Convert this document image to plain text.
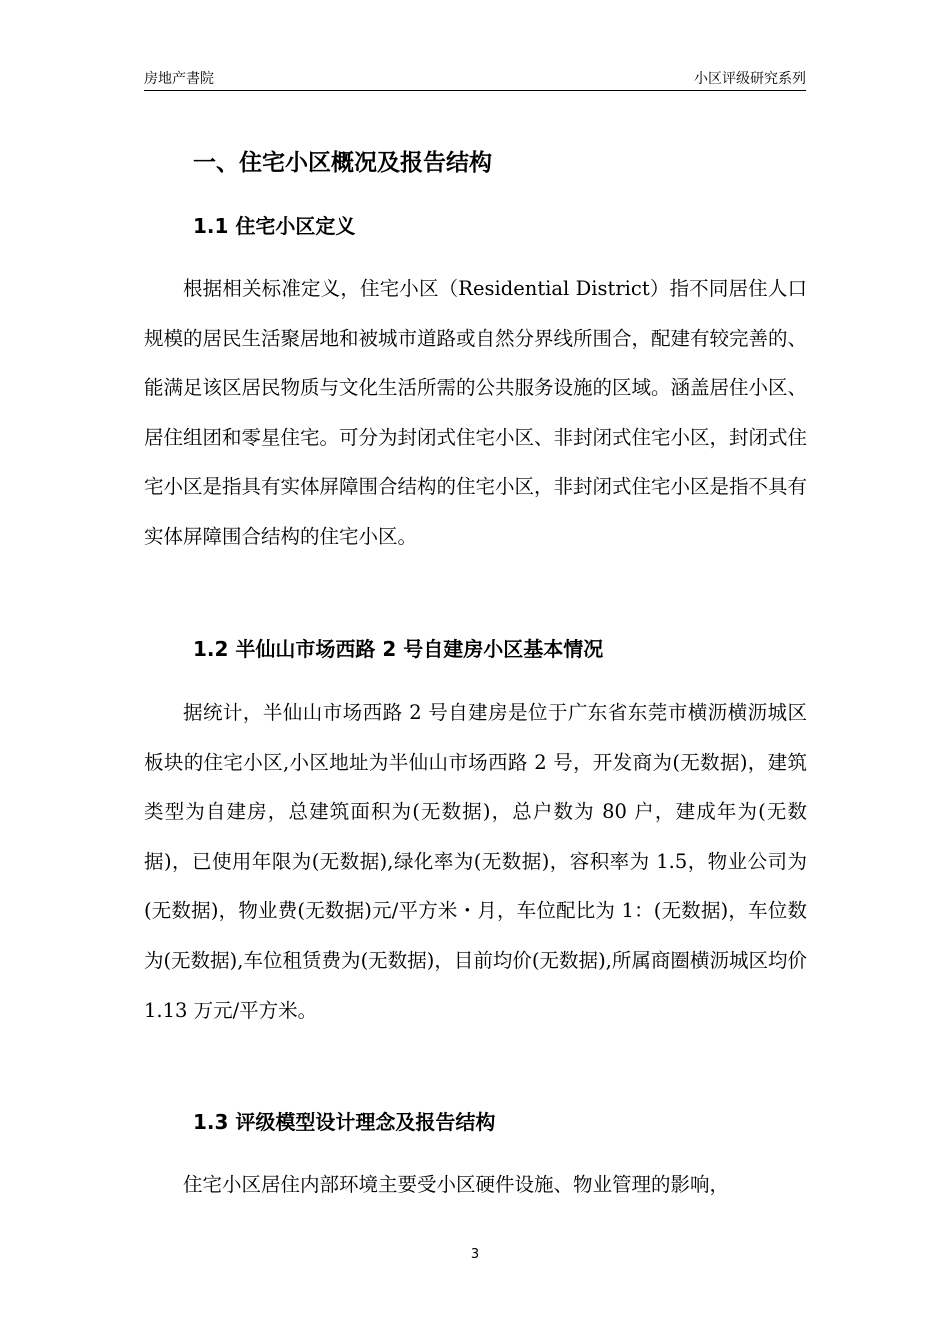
房地产書院	小区评级研究系列
一、住宅小区概况及报告结构
1.1 住宅小区定义

根据相关标准定义，住宅小区（Residential District）指不同居住人口规模的居民生活聚居地和被城市道路或自然分界线所围合，配建有较完善的、能满足该区居民物质与文化生活所需的公共服务设施的区域。涵盖居住小区、居住组团和零星住宅。可分为封闭式住宅小区、非封闭式住宅小区，封闭式住宅小区是指具有实体屏障围合结构的住宅小区，非封闭式住宅小区是指不具有实体屏障围合结构的住宅小区。

1.2 半仙山市场西路 2 号自建房小区基本情况

据统计，半仙山市场西路 2 号自建房是位于广东省东莞市横沥横沥城区板块的住宅小区,小区地址为半仙山市场西路 2 号，开发商为(无数据)，建筑类型为自建房，总建筑面积为(无数据)，总户数为 80 户，建成年为(无数据)，已使用年限为(无数据),绿化率为(无数据)，容积率为 1.5，物业公司为(无数据)，物业费(无数据)元/平方米・月，车位配比为 1：(无数据)，车位数为(无数据),车位租赁费为(无数据)，目前均价(无数据),所属商圈横沥城区均价 1.13 万元/平方米。

1.3 评级模型设计理念及报告结构

住宅小区居住内部环境主要受小区硬件设施、物业管理的影响，

3
